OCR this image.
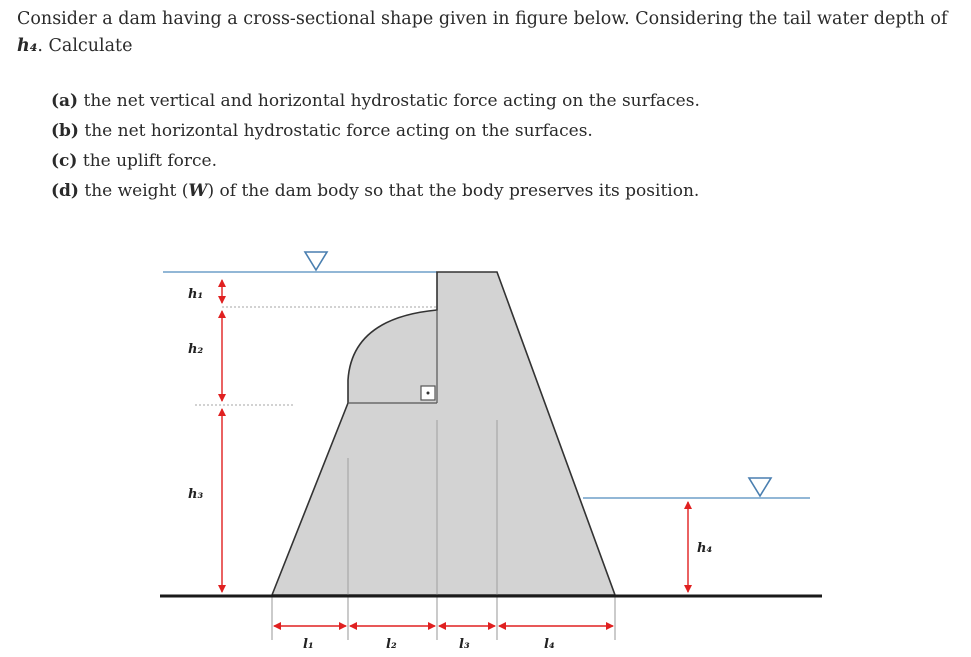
Consider a dam having a cross-sectional shape given in figure below. Considering the tail water depth of h₄. Calculate
(a) the net vertical and horizontal hydrostatic force acting on the surfaces.
(b) the net horizontal hydrostatic force acting on the surfaces.
(c) the uplift force.
(d) the weight (W) of the dam body so that the body preserves its position.
h₁
h₂
h₃
h₄
l₁	l₂	l₃	l₄
